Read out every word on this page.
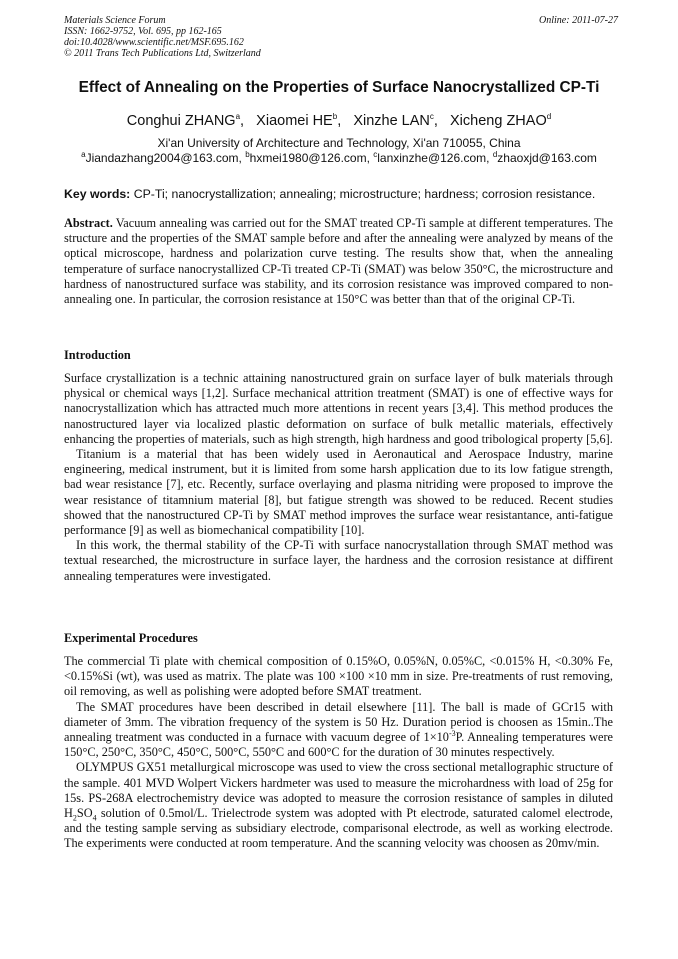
Materials Science Forum
ISSN: 1662-9752, Vol. 695, pp 162-165
doi:10.4028/www.scientific.net/MSF.695.162
© 2011 Trans Tech Publications Ltd, Switzerland
Online: 2011-07-27
Effect of Annealing on the Properties of Surface Nanocrystallized CP-Ti
Conghui ZHANG$^a$,   Xiaomei $HE^b$,   Xinzhe LAN$^c$,   Xicheng ZHAO$^d$
Xi'an University of Architecture and Technology, Xi'an 710055, China
$^a$Jiandazhang2004@163.com, $^b$hxmei1980@126.com, $^c$lanxinzhe@126.com, $^d$zhaoxjd@163.com
Key words: CP-Ti; nanocrystallization; annealing; microstructure; hardness; corrosion resistance.

Abstract. Vacuum annealing was carried out for the SMAT treated CP-Ti sample at different temperatures. The structure and the properties of the SMAT sample before and after the annealing were analyzed by means of the optical microscope, hardness and polarization curve testing. The results show that, when the annealing temperature of surface nanocrystallized CP-Ti treated CP-Ti (SMAT) was below 350°C, the microstructure and hardness of nanostructured surface was stability, and its corrosion resistance was improved compared to non-annealing one. In particular, the corrosion resistance at 150°C was better than that of the original CP-Ti.

Introduction

Surface crystallization is a technic attaining nanostructured grain on surface layer of bulk materials through physical or chemical ways [1,2]. Surface mechanical attrition treatment (SMAT) is one of effective ways for nanocrystallization which has attracted much more attentions in recent years [3,4]. This method produces the nanostructured layer via localized plastic deformation on surface of bulk metallic materials, effectively enhancing the properties of materials, such as high strength, high hardness and good tribological property [5,6].

Titanium is a material that has been widely used in Aeronautical and Aerospace Industry, marine engineering, medical instrument, but it is limited from some harsh application due to its low fatigue strength, bad wear resistance [7], etc. Recently, surface overlaying and plasma nitriding were proposed to improve the wear resistance of titamnium material [8], but fatigue strength was showed to be reduced. Recent studies showed that the nanostructured CP-Ti by SMAT method improves the surface wear resistantance, anti-fatigue performance [9] as well as biomechanical compatibility [10].

In this work, the thermal stability of the CP-Ti with surface nanocrystallation through SMAT method was textual researched, the microstructure in surface layer, the hardness and the corrosion resistance at diffirent annealing temperatures were investigated.

Experimental Procedures

The commercial Ti plate with chemical composition of 0.15%O, 0.05%N, 0.05%C, <0.015% H, <0.30% Fe, <0.15%Si (wt), was used as matrix. The plate was 100 ×100 ×10 mm in size. Pre-treatments of rust removing, oil removing, as well as polishing were adopted before SMAT treatment.

The SMAT procedures have been described in detail elsewhere [11]. The ball is made of GCr15 with diameter of 3mm. The vibration frequency of the system is 50 Hz. Duration period is choosen as 15min..The annealing treatment was conducted in a furnace with vacuum degree of $1\times 10^{-3}P$. Annealing temperatures were 150°C, 250°C, 350°C, 450°C, 500°C, 550°C and 600°C for the duration of 30 minutes respectively.

OLYMPUS GX51 metallurgical microscope was used to view the cross sectional metallographic structure of the sample. 401 MVD Wolpert Vickers hardmeter was used to measure the microhardness with load of 25g for 15s. PS-268A electrochemistry device was adopted to measure the corrosion resistance of samples in diluted $H_2SO_4$ solution of 0.5mol/L. Trielectrode system was adopted with Pt electrode, saturated calomel electrode, and the testing sample serving as subsidiary electrode, comparisonal electrode, as well as working electrode. The experiments were conducted at room temperature. And the scanning velocity was choosen as 20mv/min.
